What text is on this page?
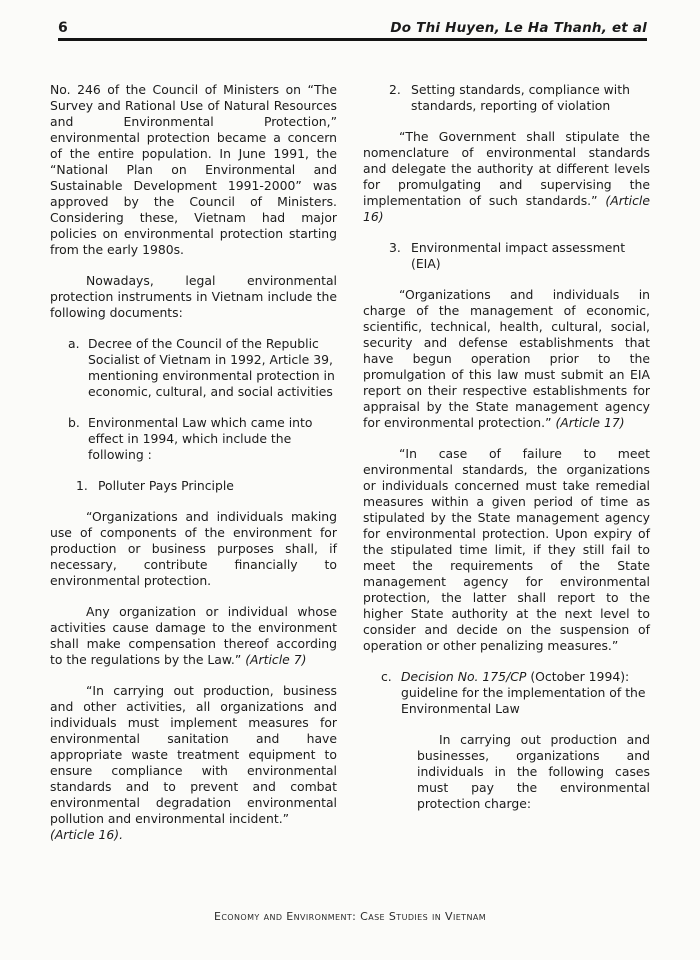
6	Do Thi Huyen, Le Ha Thanh, et al

No. 246 of the Council of Ministers on “The Survey and Rational Use of Natural Resources and Environmental Protection,” environmental protection became a concern of the entire population. In June 1991, the “National Plan on Environmental and Sustainable Development 1991-2000” was approved by the Council of Ministers. Considering these, Vietnam had major policies on environmental protection starting from the early 1980s.

Nowadays, legal environmental protection instruments in Vietnam include the following documents:

a. Decree of the Council of the Republic Socialist of Vietnam in 1992, Article 39, mentioning environmental protection in economic, cultural, and social activities
b. Environmental Law which came into effect in 1994, which include the following :
1. Polluter Pays Principle

“Organizations and individuals making use of components of the environment for production or business purposes shall, if necessary, contribute financially to environmental protection.

Any organization or individual whose activities cause damage to the environment shall make compensation thereof according to the regulations by the Law.” (Article 7)

“In carrying out production, business and other activities, all organizations and individuals must implement measures for environmental sanitation and have appropriate waste treatment equipment to ensure compliance with environmental standards and to prevent and combat environmental degradation environmental pollution and environmental incident.”

(Article 16).
2. Setting standards, compliance with standards, reporting of violation

“The Government shall stipulate the nomenclature of environmental standards and delegate the authority at different levels for promulgating and supervising the implementation of such standards.” (Article 16)

3. Environmental impact assessment (EIA)

“Organizations and individuals in charge of the management of economic, scientific, technical, health, cultural, social, security and defense establishments that have begun operation prior to the promulgation of this law must submit an EIA report on their respective establishments for appraisal by the State management agency for environmental protection.” (Article 17)

“In case of failure to meet environmental standards, the organizations or individuals concerned must take remedial measures within a given period of time as stipulated by the State management agency for environmental protection. Upon expiry of the stipulated time limit, if they still fail to meet the requirements of the State management agency for environmental protection, the latter shall report to the higher State authority at the next level to consider and decide on the suspension of operation or other penalizing measures.”

c. Decision No. 175/CP (October 1994): guideline for the implementation of the Environmental Law

In carrying out production and businesses, organizations and individuals in the following cases must pay the environmental protection charge:

Economy and Environment: Case Studies in Vietnam
